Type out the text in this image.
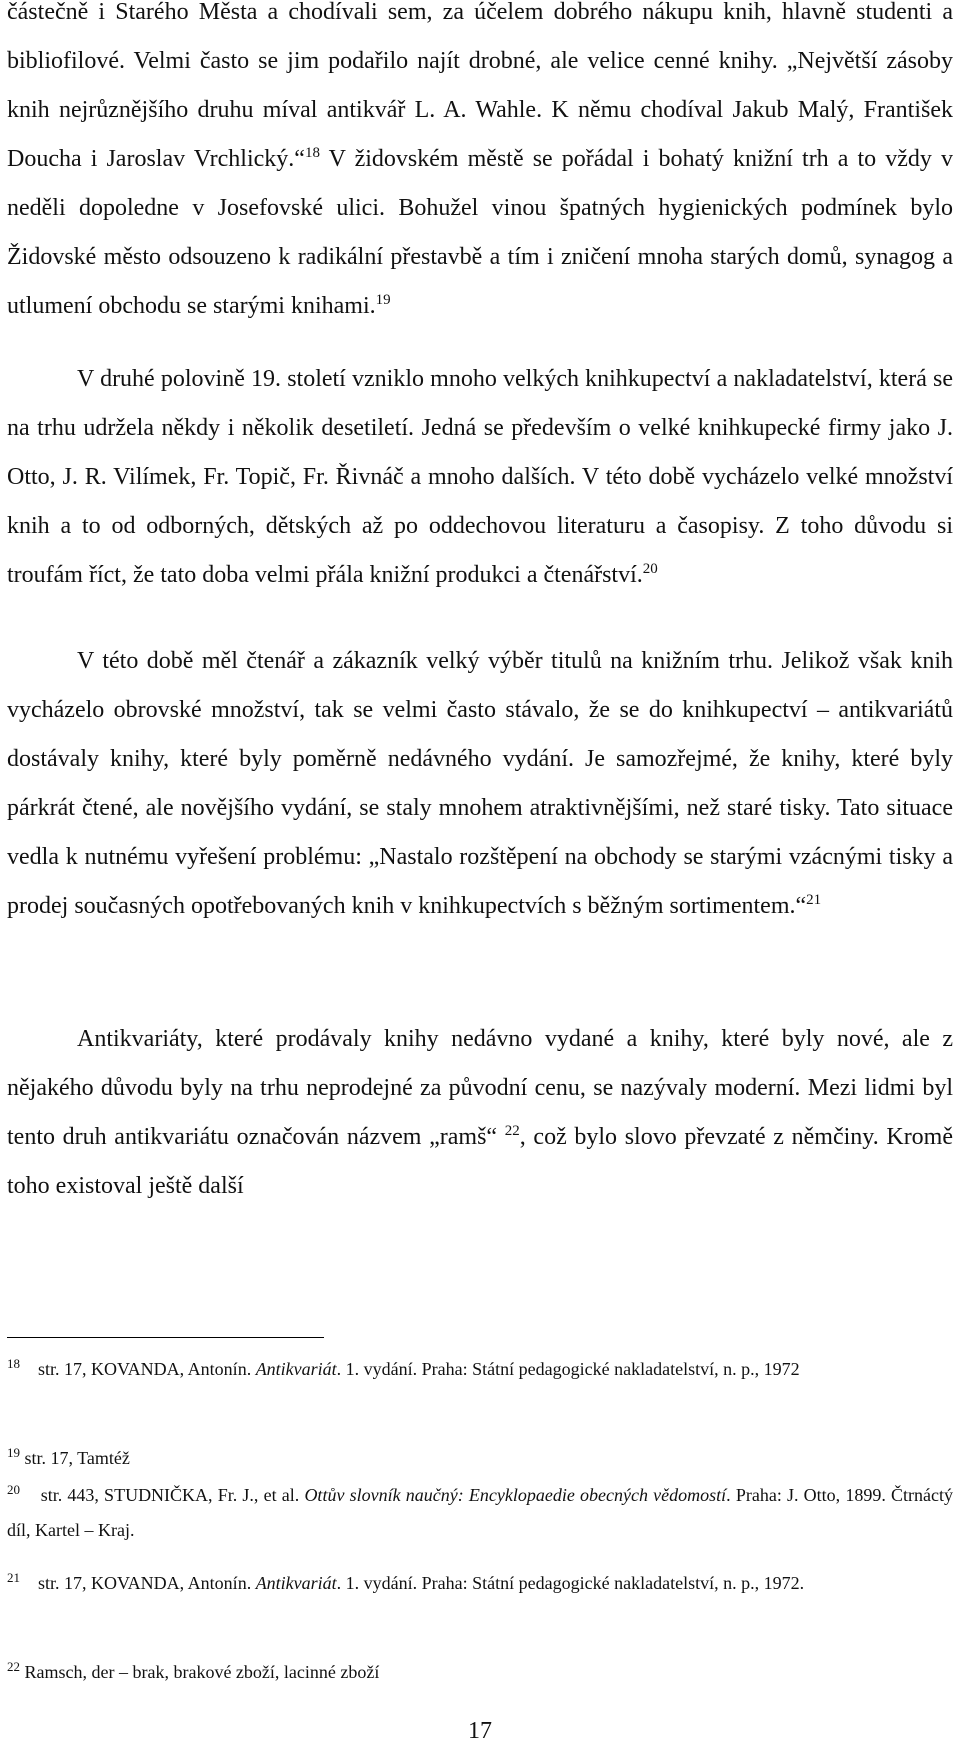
částečně i Starého Města a chodívali sem, za účelem dobrého nákupu knih, hlavně studenti a bibliofilové. Velmi často se jim podařilo najít drobné, ale velice cenné knihy. „Největší zásoby knih nejrůznějšího druhu míval antikvář L. A. Wahle. K němu chodíval Jakub Malý, František Doucha i Jaroslav Vrchlický.“$^{18}$ V židovském městě se pořádal i bohatý knižní trh a to vždy v neděli dopoledne v Josefovské ulici. Bohužel vinou špatných hygienických podmínek bylo Židovské město odsouzeno k radikální přestavbě a tím i zničení mnoha starých domů, synagog a utlumení obchodu se starými knihami.$^{19}$

V druhé polovině 19. století vzniklo mnoho velkých knihkupectví a nakladatelství, která se na trhu udržela někdy i několik desetiletí. Jedná se především o velké knihkupecké firmy jako J. Otto, J. R. Vilímek, Fr. Topič, Fr. Řivnáč a mnoho dalších. V této době vycházelo velké množství knih a to od odborných, dětských až po oddechovou literaturu a časopisy. Z toho důvodu si troufám říct, že tato doba velmi přála knižní produkci a čtenářství.$^{20}$

V této době měl čtenář a zákazník velký výběr titulů na knižním trhu. Jelikož však knih vycházelo obrovské množství, tak se velmi často stávalo, že se do knihkupectví – antikvariátů dostávaly knihy, které byly poměrně nedávného vydání. Je samozřejmé, že knihy, které byly párkrát čtené, ale novějšího vydání, se staly mnohem atraktivnějšími, než staré tisky. Tato situace vedla k nutnému vyřešení problému: „Nastalo rozštěpení na obchody se starými vzácnými tisky a prodej současných opotřebovaných knih v knihkupectvích s běžným sortimentem.“$^{21}$

Antikvariáty, které prodávaly knihy nedávno vydané a knihy, které byly nové, ale z nějakého důvodu byly na trhu neprodejné za původní cenu, se nazývaly moderní. Mezi lidmi byl tento druh antikvariátu označován názvem „ramš“ $^{22}$, což bylo slovo převzaté z němčiny. Kromě toho existoval ještě další

$^{18}$ str. 17, KOVANDA, Antonín. Antikvariát. 1. vydání. Praha: Státní pedagogické nakladatelství, n. p., 1972

$^{19}$ str. 17, Tamtéž

$^{20}$ str. 443, STUDNIČKA, Fr. J., et al. Ottův slovník naučný: Encyklopaedie obecných vědomostí. Praha: J. Otto, 1899. Čtrnáctý díl, Kartel – Kraj.

$^{21}$ str. 17, KOVANDA, Antonín. Antikvariát. 1. vydání. Praha: Státní pedagogické nakladatelství, n. p., 1972.

$^{22}$ Ramsch, der – brak, brakové zboží, lacinné zboží

17
